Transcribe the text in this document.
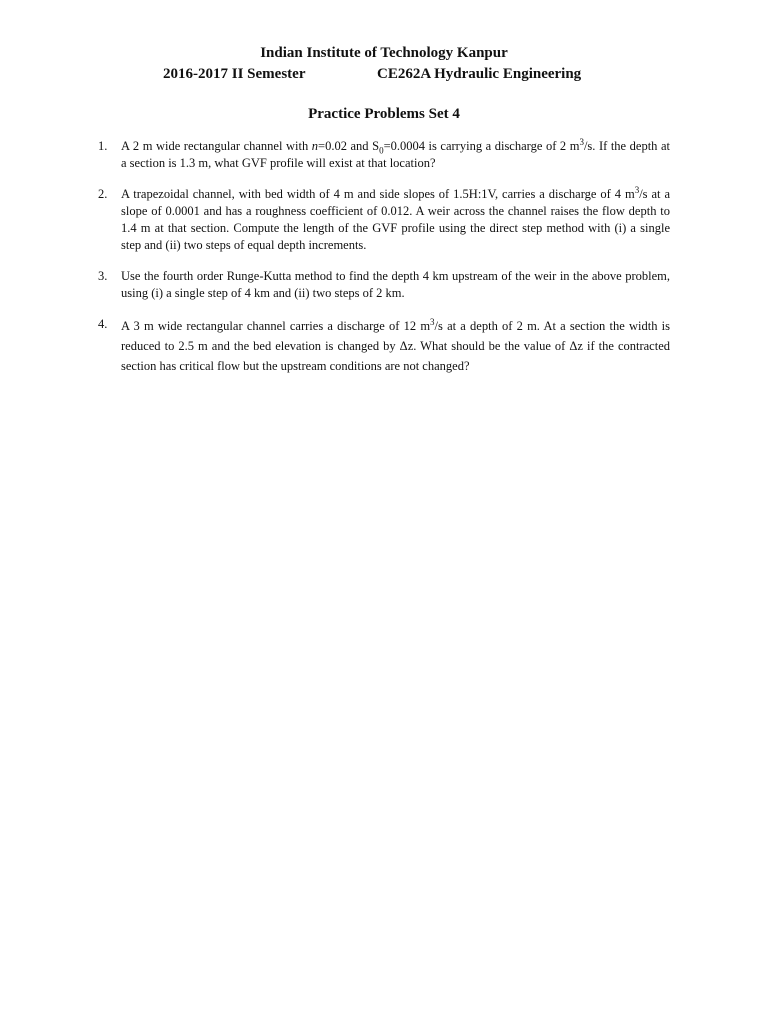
Indian Institute of Technology Kanpur
2016-2017 II Semester	CE262A Hydraulic Engineering
Practice Problems Set 4
1. A 2 m wide rectangular channel with n=0.02 and $S_0=0.0004$ is carrying a discharge of 2 $m^3/s$. If the depth at a section is 1.3 m, what GVF profile will exist at that location?
2. A trapezoidal channel, with bed width of 4 m and side slopes of 1.5H:1V, carries a discharge of 4 $m^3/s$ at a slope of 0.0001 and has a roughness coefficient of 0.012. A weir across the channel raises the flow depth to 1.4 m at that section. Compute the length of the GVF profile using the direct step method with (i) a single step and (ii) two steps of equal depth increments.
3. Use the fourth order Runge-Kutta method to find the depth 4 km upstream of the weir in the above problem, using (i) a single step of 4 km and (ii) two steps of 2 km.
4. A 3 m wide rectangular channel carries a discharge of 12 $m^3/s$ at a depth of 2 m. At a section the width is reduced to 2.5 m and the bed elevation is changed by Δz. What should be the value of Δz if the contracted section has critical flow but the upstream conditions are not changed?
